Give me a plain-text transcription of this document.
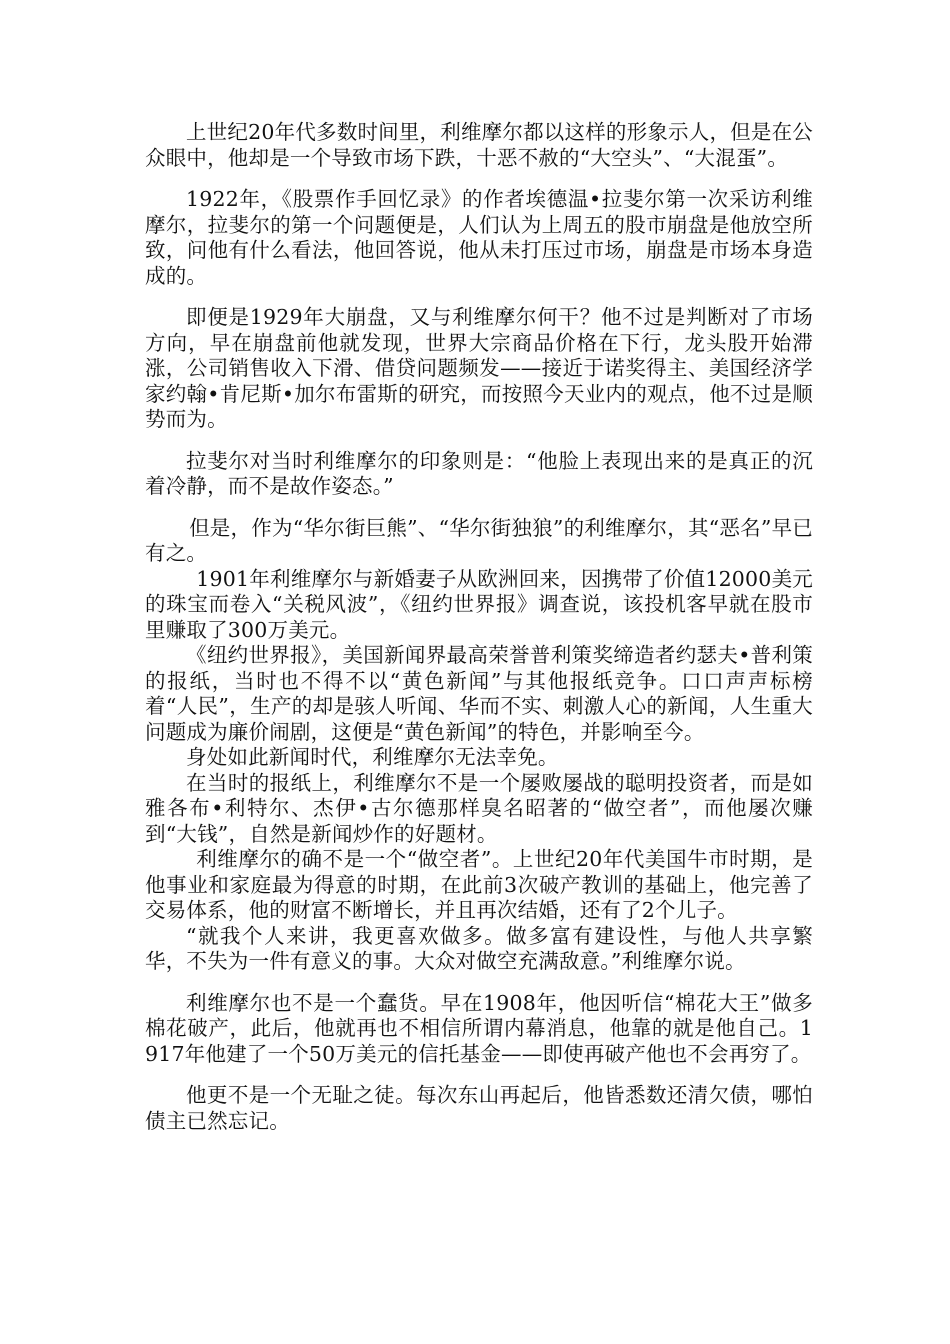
上世纪20年代多数时间里，利维摩尔都以这样的形象示人，但是在公众眼中，他却是一个导致市场下跌，十恶不赦的“大空头”、“大混蛋”。

1922年，《股票作手回忆录》的作者埃德温•拉斐尔第一次采访利维摩尔，拉斐尔的第一个问题便是，人们认为上周五的股市崩盘是他放空所致，问他有什么看法，他回答说，他从未打压过市场，崩盘是市场本身造成的。

即便是1929年大崩盘，又与利维摩尔何干？他不过是判断对了市场方向，早在崩盘前他就发现，世界大宗商品价格在下行，龙头股开始滞涨，公司销售收入下滑、借贷问题频发——接近于诺奖得主、美国经济学家约翰•肯尼斯•加尔布雷斯的研究，而按照今天业内的观点，他不过是顺势而为。

拉斐尔对当时利维摩尔的印象则是：“他脸上表现出来的是真正的沉着冷静，而不是故作姿态。”

但是，作为“华尔街巨熊”、“华尔街独狼”的利维摩尔，其“恶名”早已有之。

1901年利维摩尔与新婚妻子从欧洲回来，因携带了价值12000美元的珠宝而卷入“关税风波”，《纽约世界报》调查说，该投机客早就在股市里赚取了300万美元。

《纽约世界报》，美国新闻界最高荣誉普利策奖缔造者约瑟夫•普利策的报纸，当时也不得不以“黄色新闻”与其他报纸竞争。口口声声标榜着“人民”，生产的却是骇人听闻、华而不实、刺激人心的新闻，人生重大问题成为廉价闹剧，这便是“黄色新闻”的特色，并影响至今。

身处如此新闻时代，利维摩尔无法幸免。

在当时的报纸上，利维摩尔不是一个屡败屡战的聪明投资者，而是如雅各布•利特尔、杰伊•古尔德那样臭名昭著的“做空者”，而他屡次赚到“大钱”，自然是新闻炒作的好题材。

利维摩尔的确不是一个“做空者”。上世纪20年代美国牛市时期，是他事业和家庭最为得意的时期，在此前3次破产教训的基础上，他完善了交易体系，他的财富不断增长，并且再次结婚，还有了2个儿子。

“就我个人来讲，我更喜欢做多。做多富有建设性，与他人共享繁华，不失为一件有意义的事。大众对做空充满敌意。”利维摩尔说。

利维摩尔也不是一个蠢货。早在1908年，他因听信“棉花大王”做多棉花破产，此后，他就再也不相信所谓内幕消息，他靠的就是他自己。1917年他建了一个50万美元的信托基金——即使再破产他也不会再穷了。

他更不是一个无耻之徒。每次东山再起后，他皆悉数还清欠债，哪怕债主已然忘记。
